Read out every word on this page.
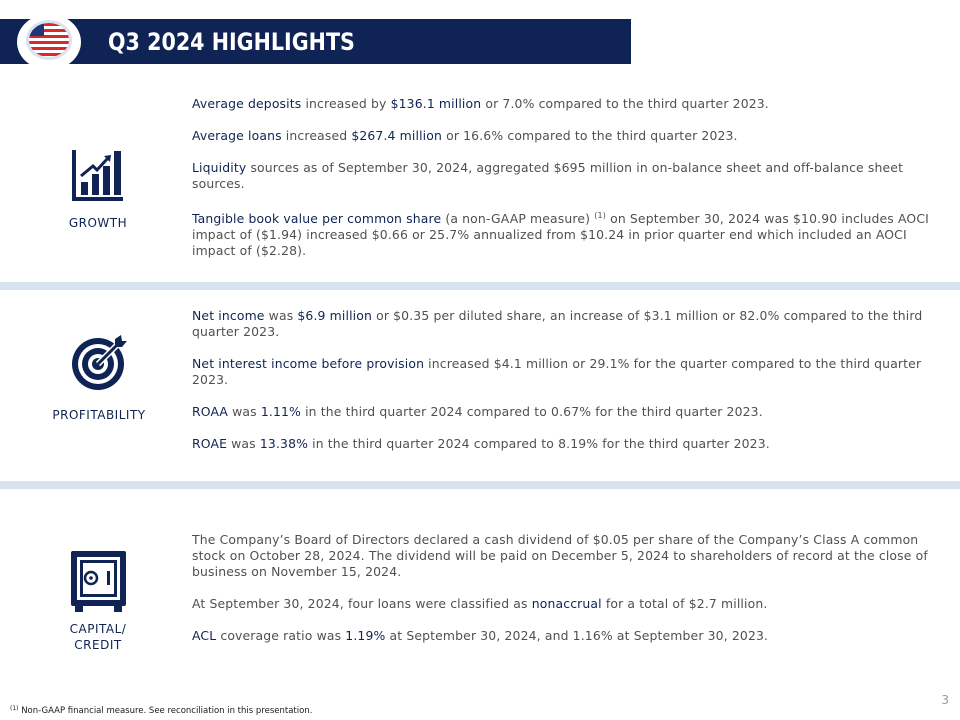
Q3 2024 HIGHLIGHTS
GROWTH
Average deposits increased by $136.1 million or 7.0% compared to the third quarter 2023.
Average loans increased $267.4 million or 16.6% compared to the third quarter 2023.
Liquidity sources as of September 30, 2024, aggregated $695 million in on-balance sheet and off-balance sheet sources.
Tangible book value per common share (a non-GAAP measure) $^{(1)}$ on September 30, 2024 was $10.90 includes AOCI impact of ($1.94) increased $0.66 or 25.7% annualized from $10.24 in prior quarter end which included an AOCI impact of ($2.28).
PROFITABILITY
Net income was $6.9 million or $0.35 per diluted share, an increase of $3.1 million or 82.0% compared to the third quarter 2023.
Net interest income before provision increased $4.1 million or 29.1% for the quarter compared to the third quarter 2023.
ROAA was 1.11% in the third quarter 2024 compared to 0.67% for the third quarter 2023.
ROAE was 13.38% in the third quarter 2024 compared to 8.19% for the third quarter 2023.
CAPITAL/
CREDIT
The Company’s Board of Directors declared a cash dividend of $0.05 per share of the Company’s Class A common stock on October 28, 2024. The dividend will be paid on December 5, 2024 to shareholders of record at the close of business on November 15, 2024.
At September 30, 2024, four loans were classified as nonaccrual for a total of $2.7 million.
ACL coverage ratio was 1.19% at September 30, 2024, and 1.16% at September 30, 2023.
3
$^{(1)}$ Non-GAAP financial measure. See reconciliation in this presentation.
